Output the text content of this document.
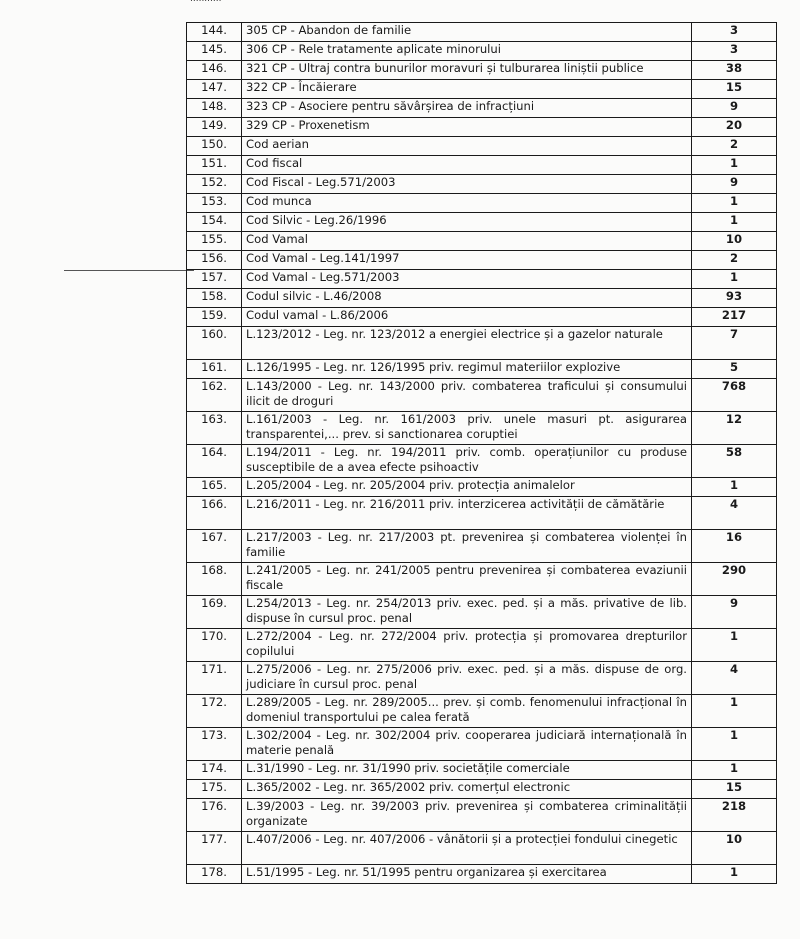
144.	305 CP - Abandon de familie	3
145.	306 CP - Rele tratamente aplicate minorului	3
146.	321 CP - Ultraj contra bunurilor moravuri și tulburarea liniștii publice	38
147.	322 CP - Încăierare	15
148.	323 CP - Asociere pentru săvârșirea de infracțiuni	9
149.	329 CP - Proxenetism	20
150.	Cod aerian	2
151.	Cod fiscal	1
152.	Cod Fiscal - Leg.571/2003	9
153.	Cod munca	1
154.	Cod Silvic - Leg.26/1996	1
155.	Cod Vamal	10
156.	Cod Vamal - Leg.141/1997	2
157.	Cod Vamal - Leg.571/2003	1
158.	Codul silvic - L.46/2008	93
159.	Codul vamal - L.86/2006	217
160.	L.123/2012 - Leg. nr. 123/2012 a energiei electrice și a gazelor naturale	7
161.	L.126/1995 - Leg. nr. 126/1995 priv. regimul materiilor explozive	5
162.	L.143/2000 - Leg. nr. 143/2000 priv. combaterea traficului și consumului ilicit de droguri	768
163.	L.161/2003 - Leg. nr. 161/2003 priv. unele masuri pt. asigurarea transparentei,... prev. si sanctionarea coruptiei	12
164.	L.194/2011 - Leg. nr. 194/2011 priv. comb. operațiunilor cu produse susceptibile de a avea efecte psihoactiv	58
165.	L.205/2004 - Leg. nr. 205/2004 priv. protecția animalelor	1
166.	L.216/2011 - Leg. nr. 216/2011 priv. interzicerea activității de cămătărie	4
167.	L.217/2003 - Leg. nr. 217/2003 pt. prevenirea și combaterea violenței în familie	16
168.	L.241/2005 - Leg. nr. 241/2005 pentru prevenirea și combaterea evaziunii fiscale	290
169.	L.254/2013 - Leg. nr. 254/2013 priv. exec. ped. și a măs. privative de lib. dispuse în cursul proc. penal	9
170.	L.272/2004 - Leg. nr. 272/2004 priv. protecția și promovarea drepturilor copilului	1
171.	L.275/2006 - Leg. nr. 275/2006 priv. exec. ped. și a măs. dispuse de org. judiciare în cursul proc. penal	4
172.	L.289/2005 - Leg. nr. 289/2005... prev. și comb. fenomenului infracțional în domeniul transportului pe calea ferată	1
173.	L.302/2004 - Leg. nr. 302/2004 priv. cooperarea judiciară internațională în materie penală	1
174.	L.31/1990 - Leg. nr. 31/1990 priv. societățile comerciale	1
175.	L.365/2002 - Leg. nr. 365/2002 priv. comerțul electronic	15
176.	L.39/2003 - Leg. nr. 39/2003 priv. prevenirea și combaterea criminalității organizate	218
177.	L.407/2006 - Leg. nr. 407/2006 - vânătorii și a protecției fondului cinegetic	10
178.	L.51/1995 - Leg. nr. 51/1995 pentru organizarea și exercitarea	1
